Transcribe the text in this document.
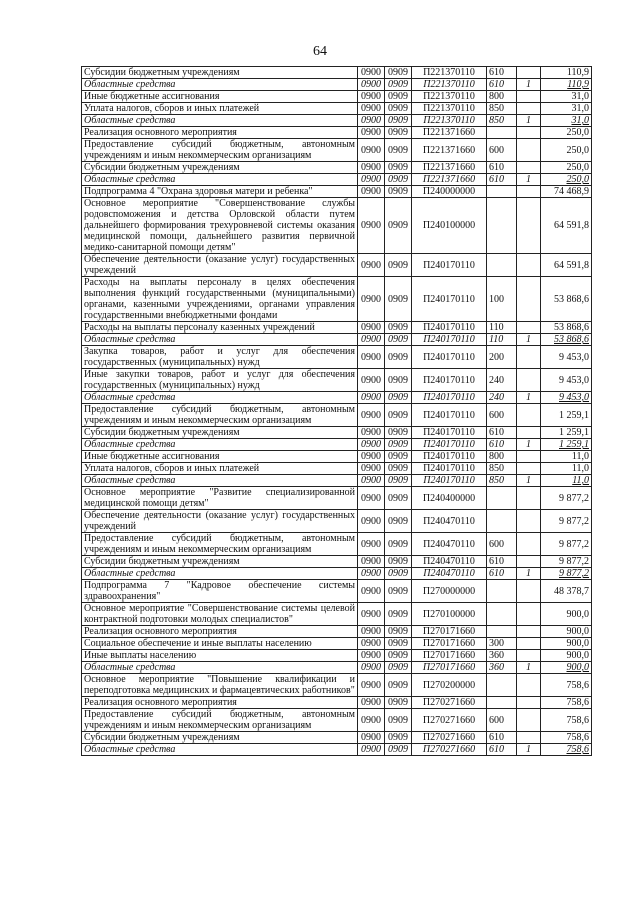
64
Субсидии бюджетным учреждениям	0900	0909	П221370110	610		110,9
Областные средства	0900	0909	П221370110	610	1	110,9
Иные бюджетные ассигнования	0900	0909	П221370110	800		31,0
Уплата налогов, сборов и иных платежей	0900	0909	П221370110	850		31,0
Областные средства	0900	0909	П221370110	850	1	31,0
Реализация основного мероприятия	0900	0909	П221371660			250,0
Предоставление субсидий бюджетным, автономным учреждениям и иным некоммерческим организациям	0900	0909	П221371660	600		250,0
Субсидии бюджетным учреждениям	0900	0909	П221371660	610		250,0
Областные средства	0900	0909	П221371660	610	1	250,0
Подпрограмма 4 "Охрана здоровья матери и ребенка"	0900	0909	П240000000			74 468,9
Основное мероприятие "Совершенствование службы родовспоможения и детства Орловской области путем дальнейшего формирования трехуровневой системы оказания медицинской помощи, дальнейшего развития первичной медико-санитарной помощи детям"	0900	0909	П240100000			64 591,8
Обеспечение деятельности (оказание услуг) государственных учреждений	0900	0909	П240170110			64 591,8
Расходы на выплаты персоналу в целях обеспечения выполнения функций государственными (муниципальными) органами, казенными учреждениями, органами управления государственными внебюджетными фондами	0900	0909	П240170110	100		53 868,6
Расходы на выплаты персоналу казенных учреждений	0900	0909	П240170110	110		53 868,6
Областные средства	0900	0909	П240170110	110	1	53 868,6
Закупка товаров, работ и услуг для обеспечения государственных (муниципальных) нужд	0900	0909	П240170110	200		9 453,0
Иные закупки товаров, работ и услуг для обеспечения государственных (муниципальных) нужд	0900	0909	П240170110	240		9 453,0
Областные средства	0900	0909	П240170110	240	1	9 453,0
Предоставление субсидий бюджетным, автономным учреждениям и иным некоммерческим организациям	0900	0909	П240170110	600		1 259,1
Субсидии бюджетным учреждениям	0900	0909	П240170110	610		1 259,1
Областные средства	0900	0909	П240170110	610	1	1 259,1
Иные бюджетные ассигнования	0900	0909	П240170110	800		11,0
Уплата налогов, сборов и иных платежей	0900	0909	П240170110	850		11,0
Областные средства	0900	0909	П240170110	850	1	11,0
Основное мероприятие "Развитие специализированной медицинской помощи детям"	0900	0909	П240400000			9 877,2
Обеспечение деятельности (оказание услуг) государственных учреждений	0900	0909	П240470110			9 877,2
Предоставление субсидий бюджетным, автономным учреждениям и иным некоммерческим организациям	0900	0909	П240470110	600		9 877,2
Субсидии бюджетным учреждениям	0900	0909	П240470110	610		9 877,2
Областные средства	0900	0909	П240470110	610	1	9 877,2
Подпрограмма 7 "Кадровое обеспечение системы здравоохранения"	0900	0909	П270000000			48 378,7
Основное мероприятие "Совершенствование системы целевой контрактной подготовки молодых специалистов"	0900	0909	П270100000			900,0
Реализация основного мероприятия	0900	0909	П270171660			900,0
Социальное обеспечение и иные выплаты населению	0900	0909	П270171660	300		900,0
Иные выплаты населению	0900	0909	П270171660	360		900,0
Областные средства	0900	0909	П270171660	360	1	900,0
Основное мероприятие "Повышение квалификации и переподготовка медицинских и фармацевтических работников"	0900	0909	П270200000			758,6
Реализация основного мероприятия	0900	0909	П270271660			758,6
Предоставление субсидий бюджетным, автономным учреждениям и иным некоммерческим организациям	0900	0909	П270271660	600		758,6
Субсидии бюджетным учреждениям	0900	0909	П270271660	610		758,6
Областные средства	0900	0909	П270271660	610	1	758,6
